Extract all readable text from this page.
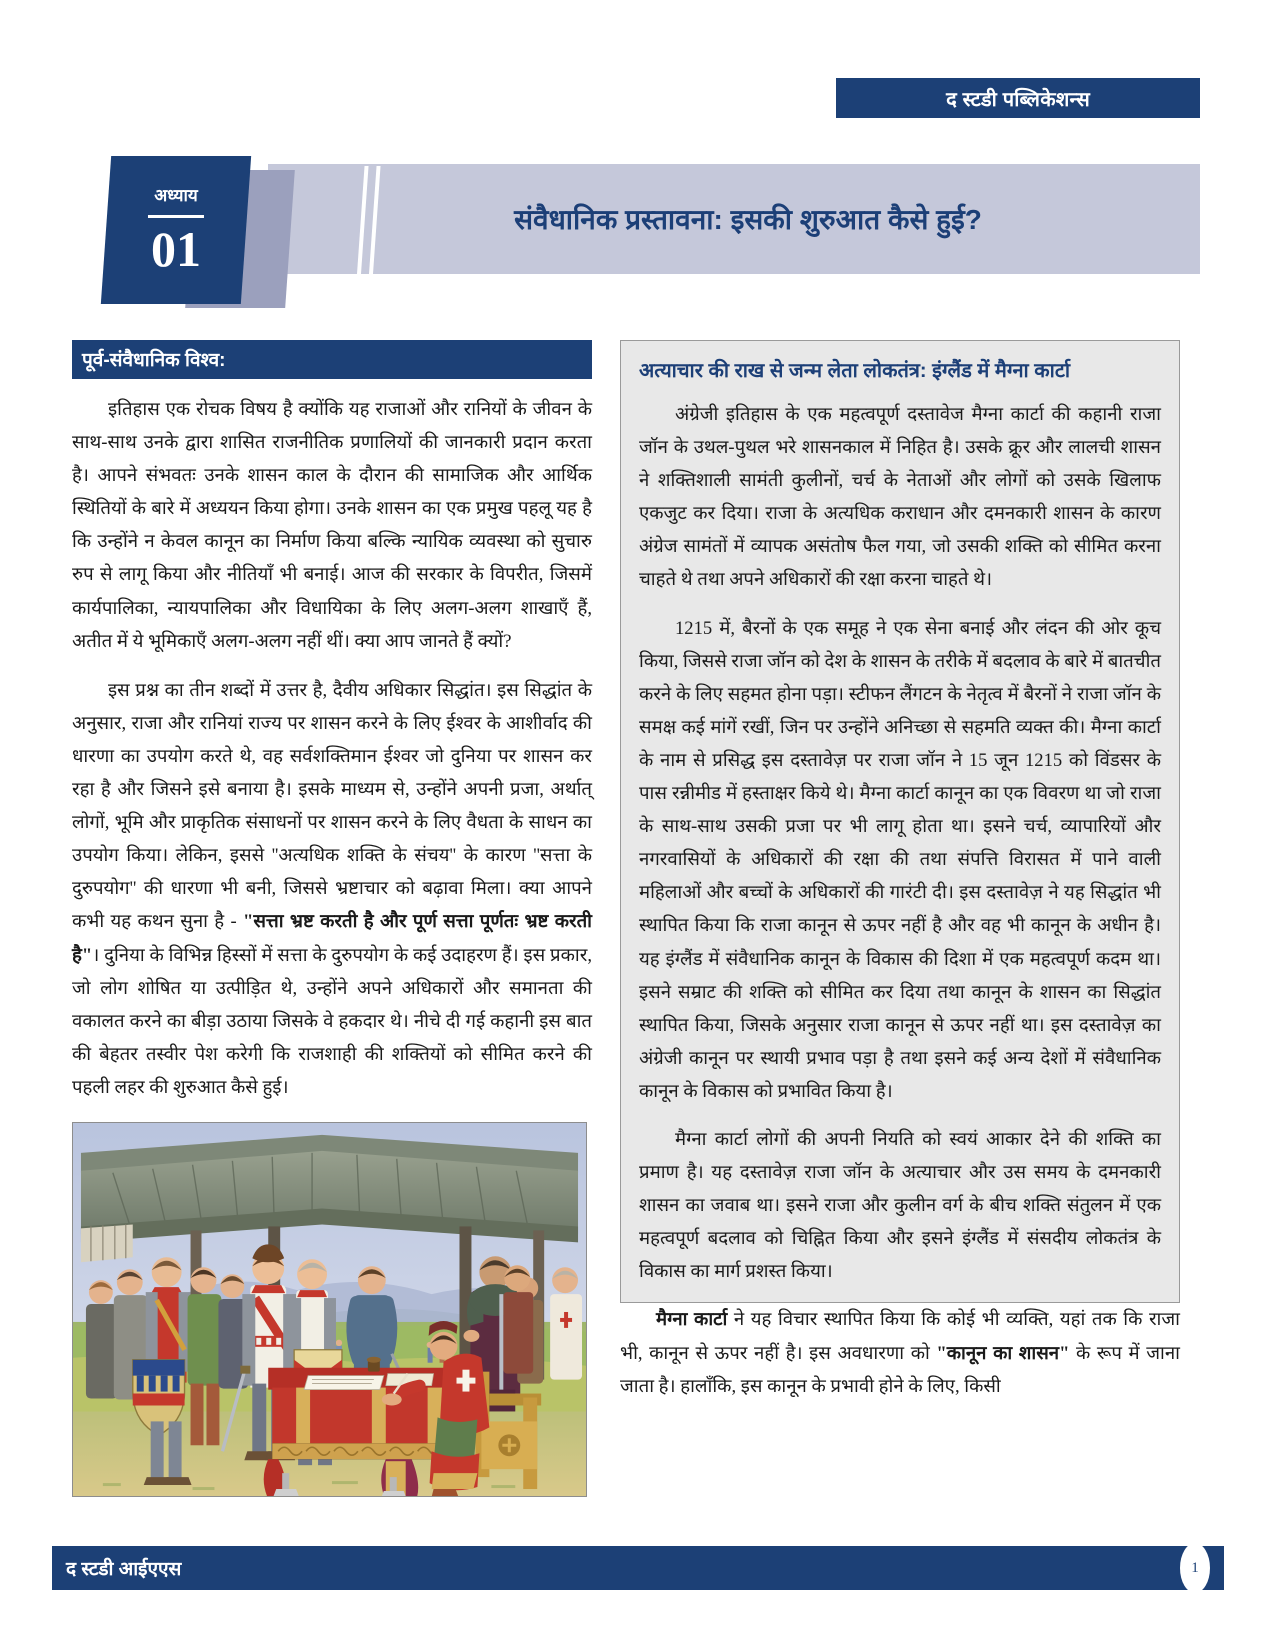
द स्टडी पब्लिकेशन्स
अध्याय
01
संवैधानिक प्रस्तावना: इसकी शुरुआत कैसे हुई?
पूर्व-संवैधानिक विश्व:

इतिहास एक रोचक विषय है क्योंकि यह राजाओं और रानियों के जीवन के साथ-साथ उनके द्वारा शासित राजनीतिक प्रणालियों की जानकारी प्रदान करता है। आपने संभवतः उनके शासन काल के दौरान की सामाजिक और आर्थिक स्थितियों के बारे में अध्ययन किया होगा। उनके शासन का एक प्रमुख पहलू यह है कि उन्होंने न केवल कानून का निर्माण किया बल्कि न्यायिक व्यवस्था को सुचारु रुप से लागू किया और नीतियाँ भी बनाई। आज की सरकार के विपरीत, जिसमें कार्यपालिका, न्यायपालिका और विधायिका के लिए अलग-अलग शाखाएँ हैं, अतीत में ये भूमिकाएँ अलग-अलग नहीं थीं। क्या आप जानते हैं क्यों?

इस प्रश्न का तीन शब्दों में उत्तर है, दैवीय अधिकार सिद्धांत। इस सिद्धांत के अनुसार, राजा और रानियां राज्य पर शासन करने के लिए ईश्वर के आशीर्वाद की धारणा का उपयोग करते थे, वह सर्वशक्तिमान ईश्वर जो दुनिया पर शासन कर रहा है और जिसने इसे बनाया है। इसके माध्यम से, उन्होंने अपनी प्रजा, अर्थात् लोगों, भूमि और प्राकृतिक संसाधनों पर शासन करने के लिए वैधता के साधन का उपयोग किया। लेकिन, इससे ''अत्यधिक शक्ति के संचय'' के कारण ''सत्ता के दुरुपयोग'' की धारणा भी बनी, जिससे भ्रष्टाचार को बढ़ावा मिला। क्या आपने कभी यह कथन सुना है - "सत्ता भ्रष्ट करती है और पूर्ण सत्ता पूर्णतः भ्रष्ट करती है"। दुनिया के विभिन्न हिस्सों में सत्ता के दुरुपयोग के कई उदाहरण हैं। इस प्रकार, जो लोग शोषित या उत्पीड़ित थे, उन्होंने अपने अधिकारों और समानता की वकालत करने का बीड़ा उठाया जिसके वे हकदार थे। नीचे दी गई कहानी इस बात की बेहतर तस्वीर पेश करेगी कि राजशाही की शक्तियों को सीमित करने की पहली लहर की शुरुआत कैसे हुई।

अत्याचार की राख से जन्म लेता लोकतंत्र: इंग्लैंड में मैग्ना कार्टा

अंग्रेजी इतिहास के एक महत्वपूर्ण दस्तावेज मैग्ना कार्टा की कहानी राजा जॉन के उथल-पुथल भरे शासनकाल में निहित है। उसके क्रूर और लालची शासन ने शक्तिशाली सामंती कुलीनों, चर्च के नेताओं और लोगों को उसके खिलाफ एकजुट कर दिया। राजा के अत्यधिक कराधान और दमनकारी शासन के कारण अंग्रेज सामंतों में व्यापक असंतोष फैल गया, जो उसकी शक्ति को सीमित करना चाहते थे तथा अपने अधिकारों की रक्षा करना चाहते थे।

1215 में, बैरनों के एक समूह ने एक सेना बनाई और लंदन की ओर कूच किया, जिससे राजा जॉन को देश के शासन के तरीके में बदलाव के बारे में बातचीत करने के लिए सहमत होना पड़ा। स्टीफन लैंगटन के नेतृत्व में बैरनों ने राजा जॉन के समक्ष कई मांगें रखीं, जिन पर उन्होंने अनिच्छा से सहमति व्यक्त की। मैग्ना कार्टा के नाम से प्रसिद्ध इस दस्तावेज़ पर राजा जॉन ने 15 जून 1215 को विंडसर के पास रन्नीमीड में हस्ताक्षर किये थे। मैग्ना कार्टा कानून का एक विवरण था जो राजा के साथ-साथ उसकी प्रजा पर भी लागू होता था। इसने चर्च, व्यापारियों और नगरवासियों के अधिकारों की रक्षा की तथा संपत्ति विरासत में पाने वाली महिलाओं और बच्चों के अधिकारों की गारंटी दी। इस दस्तावेज़ ने यह सिद्धांत भी स्थापित किया कि राजा कानून से ऊपर नहीं है और वह भी कानून के अधीन है। यह इंग्लैंड में संवैधानिक कानून के विकास की दिशा में एक महत्वपूर्ण कदम था। इसने सम्राट की शक्ति को सीमित कर दिया तथा कानून के शासन का सिद्धांत स्थापित किया, जिसके अनुसार राजा कानून से ऊपर नहीं था। इस दस्तावेज़ का अंग्रेजी कानून पर स्थायी प्रभाव पड़ा है तथा इसने कई अन्य देशों में संवैधानिक कानून के विकास को प्रभावित किया है।

मैग्ना कार्टा लोगों की अपनी नियति को स्वयं आकार देने की शक्ति का प्रमाण है। यह दस्तावेज़ राजा जॉन के अत्याचार और उस समय के दमनकारी शासन का जवाब था। इसने राजा और कुलीन वर्ग के बीच शक्ति संतुलन में एक महत्वपूर्ण बदलाव को चिह्नित किया और इसने इंग्लैंड में संसदीय लोकतंत्र के विकास का मार्ग प्रशस्त किया।

मैग्ना कार्टा ने यह विचार स्थापित किया कि कोई भी व्यक्ति, यहां तक कि राजा भी, कानून से ऊपर नहीं है। इस अवधारणा को "कानून का शासन" के रूप में जाना जाता है। हालाँकि, इस कानून के प्रभावी होने के लिए, किसी

द स्टडी आईएएस	1
